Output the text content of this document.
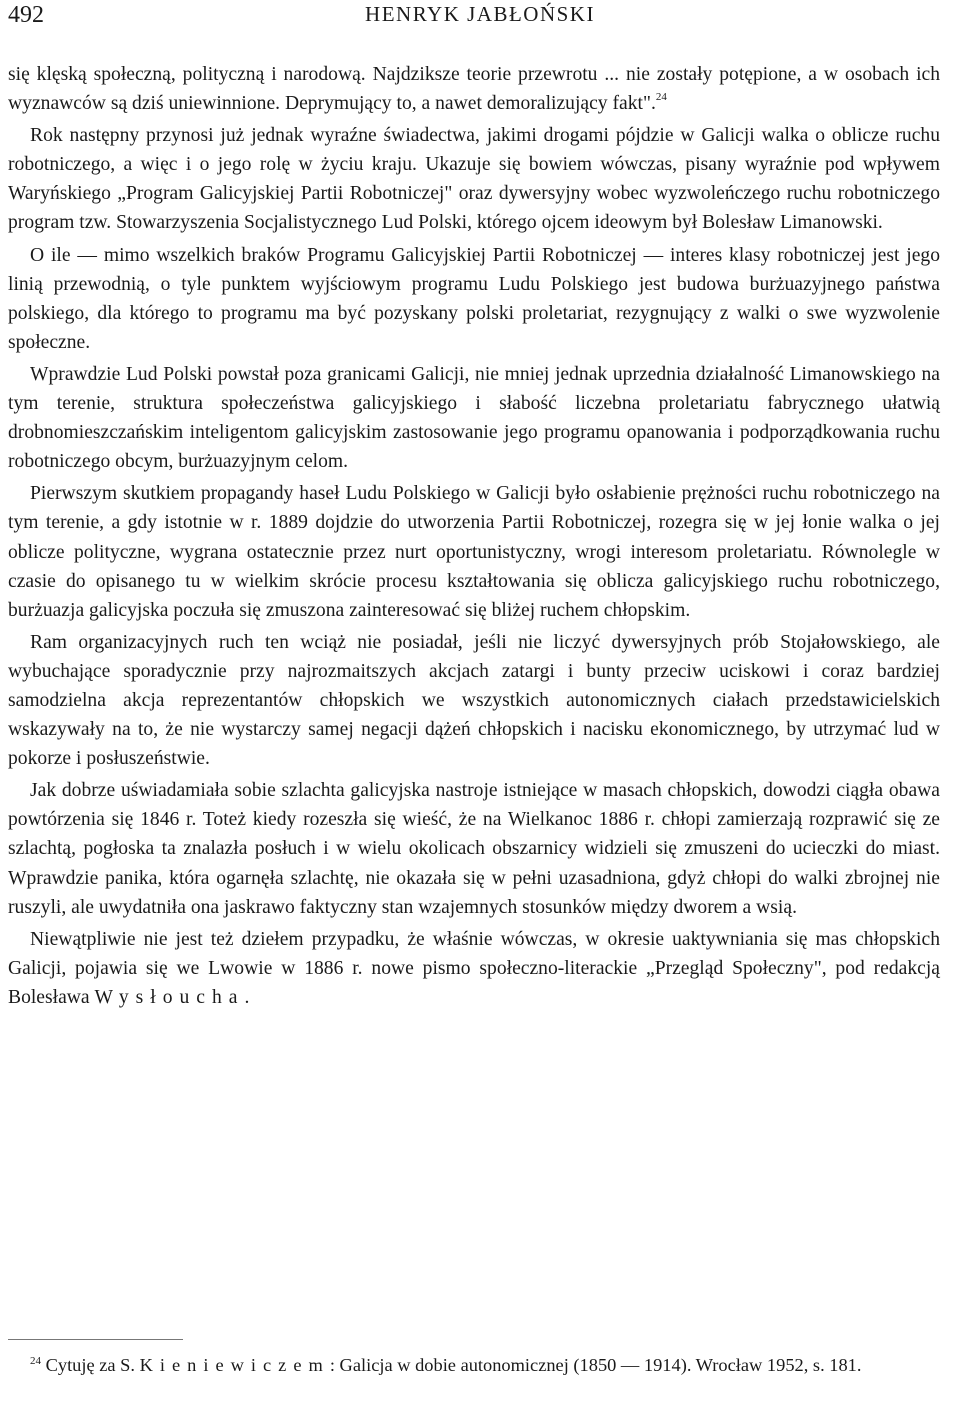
492	HENRYK JABŁOŃSKI

się klęską społeczną, polityczną i narodową. Najdziksze teorie przewrotu ... nie zostały potępione, a w osobach ich wyznawców są dziś uniewinnione. Deprymujący to, a nawet demoralizujący fakt".$^{24}$

Rok następny przynosi już jednak wyraźne świadectwa, jakimi drogami pójdzie w Galicji walka o oblicze ruchu robotniczego, a więc i o jego rolę w życiu kraju. Ukazuje się bowiem wówczas, pisany wyraźnie pod wpływem Waryńskiego „Program Galicyjskiej Partii Robotniczej" oraz dywersyjny wobec wyzwoleńczego ruchu robotniczego program tzw. Stowarzyszenia Socjalistycznego Lud Polski, którego ojcem ideowym był Bolesław Limanowski.

O ile — mimo wszelkich braków Programu Galicyjskiej Partii Robotniczej — interes klasy robotniczej jest jego linią przewodnią, o tyle punktem wyjściowym programu Ludu Polskiego jest budowa burżuazyjnego państwa polskiego, dla którego to programu ma być pozyskany polski proletariat, rezygnujący z walki o swe wyzwolenie społeczne.

Wprawdzie Lud Polski powstał poza granicami Galicji, nie mniej jednak uprzednia działalność Limanowskiego na tym terenie, struktura społeczeństwa galicyjskiego i słabość liczebna proletariatu fabrycznego ułatwią drobnomieszczańskim inteligentom galicyjskim zastosowanie jego programu opanowania i podporządkowania ruchu robotniczego obcym, burżuazyjnym celom.

Pierwszym skutkiem propagandy haseł Ludu Polskiego w Galicji było osłabienie prężności ruchu robotniczego na tym terenie, a gdy istotnie w r. 1889 dojdzie do utworzenia Partii Robotniczej, rozegra się w jej łonie walka o jej oblicze polityczne, wygrana ostatecznie przez nurt oportunistyczny, wrogi interesom proletariatu. Równolegle w czasie do opisanego tu w wielkim skrócie procesu kształtowania się oblicza galicyjskiego ruchu robotniczego, burżuazja galicyjska poczuła się zmuszona zainteresować się bliżej ruchem chłopskim.

Ram organizacyjnych ruch ten wciąż nie posiadał, jeśli nie liczyć dywersyjnych prób Stojałowskiego, ale wybuchające sporadycznie przy najrozmaitszych akcjach zatargi i bunty przeciw uciskowi i coraz bardziej samodzielna akcja reprezentantów chłopskich we wszystkich autonomicznych ciałach przedstawicielskich wskazywały na to, że nie wystarczy samej negacji dążeń chłopskich i nacisku ekonomicznego, by utrzymać lud w pokorze i posłuszeństwie.

Jak dobrze uświadamiała sobie szlachta galicyjska nastroje istniejące w masach chłopskich, dowodzi ciągła obawa powtórzenia się 1846 r. Toteż kiedy rozeszła się wieść, że na Wielkanoc 1886 r. chłopi zamierzają rozprawić się ze szlachtą, pogłoska ta znalazła posłuch i w wielu okolicach obszarnicy widzieli się zmuszeni do ucieczki do miast. Wprawdzie panika, która ogarnęła szlachtę, nie okazała się w pełni uzasadniona, gdyż chłopi do walki zbrojnej nie ruszyli, ale uwydatniła ona jaskrawo faktyczny stan wzajemnych stosunków między dworem a wsią.

Niewątpliwie nie jest też dziełem przypadku, że właśnie wówczas, w okresie uaktywniania się mas chłopskich Galicji, pojawia się we Lwowie w 1886 r. nowe pismo społeczno-literackie „Przegląd Społeczny", pod redakcją Bolesława Wysłoucha.

$^{24}$ Cytuję za S. Kieniewiczem: Galicja w dobie autonomicznej (1850 — 1914). Wrocław 1952, s. 181.
